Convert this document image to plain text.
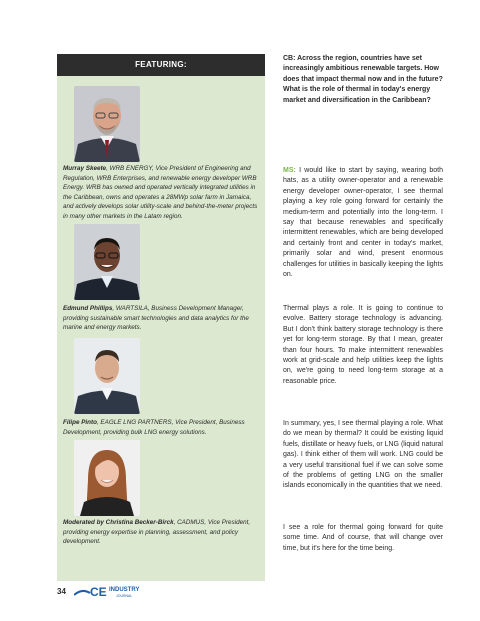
FEATURING:
Murray Skeete, WRB ENERGY, Vice President of Engineering and Regulation, WRB Enterprises, and renewable energy developer WRB Energy. WRB has owned and operated vertically integrated utilities in the Caribbean, owns and operates a 28MWp solar farm in Jamaica, and actively develops solar utility-scale and behind-the-meter projects in many other markets in the Latam region.
Edmund Phillips, WARTSILA, Business Development Manager, providing sustainable smart technologies and data analytics for the marine and energy markets.
Filipe Pinto, EAGLE LNG PARTNERS, Vice President, Business Development, providing bulk LNG energy solutions.
Moderated by Christina Becker-Birck, CADMUS, Vice President, providing energy expertise in planning, assessment, and policy development.
CB: Across the region, countries have set increasingly ambitious renewable targets. How does that impact thermal now and in the future? What is the role of thermal in today's energy market and diversification in the Caribbean?
MS: I would like to start by saying, wearing both hats, as a utility owner-operator and a renewable energy developer owner-operator, I see thermal playing a key role going forward for certainly the medium-term and potentially into the long-term. I say that because renewables and specifically intermittent renewables, which are being developed and certainly front and center in today's market, primarily solar and wind, present enormous challenges for utilities in basically keeping the lights on.
Thermal plays a role. It is going to continue to evolve. Battery storage technology is advancing. But I don't think battery storage technology is there yet for long-term storage. By that I mean, greater than four hours. To make intermittent renewables work at grid-scale and help utilities keep the lights on, we're going to need long-term storage at a reasonable price.
In summary, yes, I see thermal playing a role. What do we mean by thermal? It could be existing liquid fuels, distillate or heavy fuels, or LNG (liquid natural gas). I think either of them will work. LNG could be a very useful transitional fuel if we can solve some of the problems of getting LNG on the smaller islands economically in the quantities that we need.
I see a role for thermal going forward for quite some time. And of course, that will change over time, but it's here for the time being.
34 CE INDUSTRY
JOURNAL
